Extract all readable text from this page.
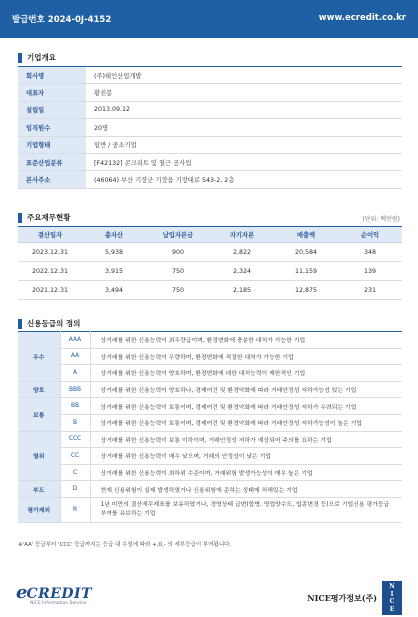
발급번호 2024-0J-4152	www.ecredit.co.kr
기업개요
회사명	(주)태인산업개발
대표자	황진봉
설립일	2013.09.12
임직원수	20명
기업형태	일반 / 중소기업
표준산업분류	[F42132] 콘크리트 및 철근 공사업
본사주소	(46064) 부산 기장군 기장읍 기장대로 543-2, 2층
주요재무현황	(단위: 백만원)
결산일자	총자산	납입자본금	자기자본	매출액	순이익
2023.12.31	5,938	900	2,822	20,584	348
2022.12.31	3,915	750	2,324	11,159	139
2021.12.31	3,494	750	2,185	12,875	231
신용등급의 정의
우수	AAA	상거래를 위한 신용능력이 최우량급이며, 환경변화에 충분한 대처가 가능한 기업
	AA	상거래를 위한 신용능력이 우량하며, 환경변화에 적절한 대처가 가능한 기업
	A	상거래를 위한 신용능력이 양호하며, 환경변화에 대한 대처능력이 제한적인 기업
양호	BBB	상거래를 위한 신용능력이 양호하나, 경제여건 및 환경악화에 따라 거래안정성 저하가능성 있는 기업
보통	BB	상거래를 위한 신용능력이 보통이며, 경제여건 및 환경악화에 따라 거래안정성 저하가 우려되는 기업
	B	상거래를 위한 신용능력이 보통이며, 경제여건 및 환경악화에 따라 거래안정성 저하가능성이 높은 기업
열위	CCC	상거래를 위한 신용능력이 보통 이하이며, 거래안정성 저하가 예상되어 주의를 요하는 기업
	CC	상거래를 위한 신용능력이 매우 낮으며, 거래의 안정성이 낮은 기업
	C	상거래를 위한 신용능력이 최하위 수준이며, 거래위험 발생가능성이 매우 높은 기업
부도	D	현재 신용위험이 실제 발생하였거나 신용위험에 준하는 상태에 처해있는 기업
평가제외	R	1년 미만의 결산재무제표를 보유하였거나, 경영상태 급변(합병, 영업양수도, 업종변경 등)으로 기업신용 평가등급 부여를 유보하는 기업
※'AA' 등급부터 'CCC' 등급까지는 등급 내 우열에 따라 +,0,- 의 세부등급이 부여됩니다.
e CREDIT
NICE Information Service
NICE평가정보(주)
N
I
C
E
